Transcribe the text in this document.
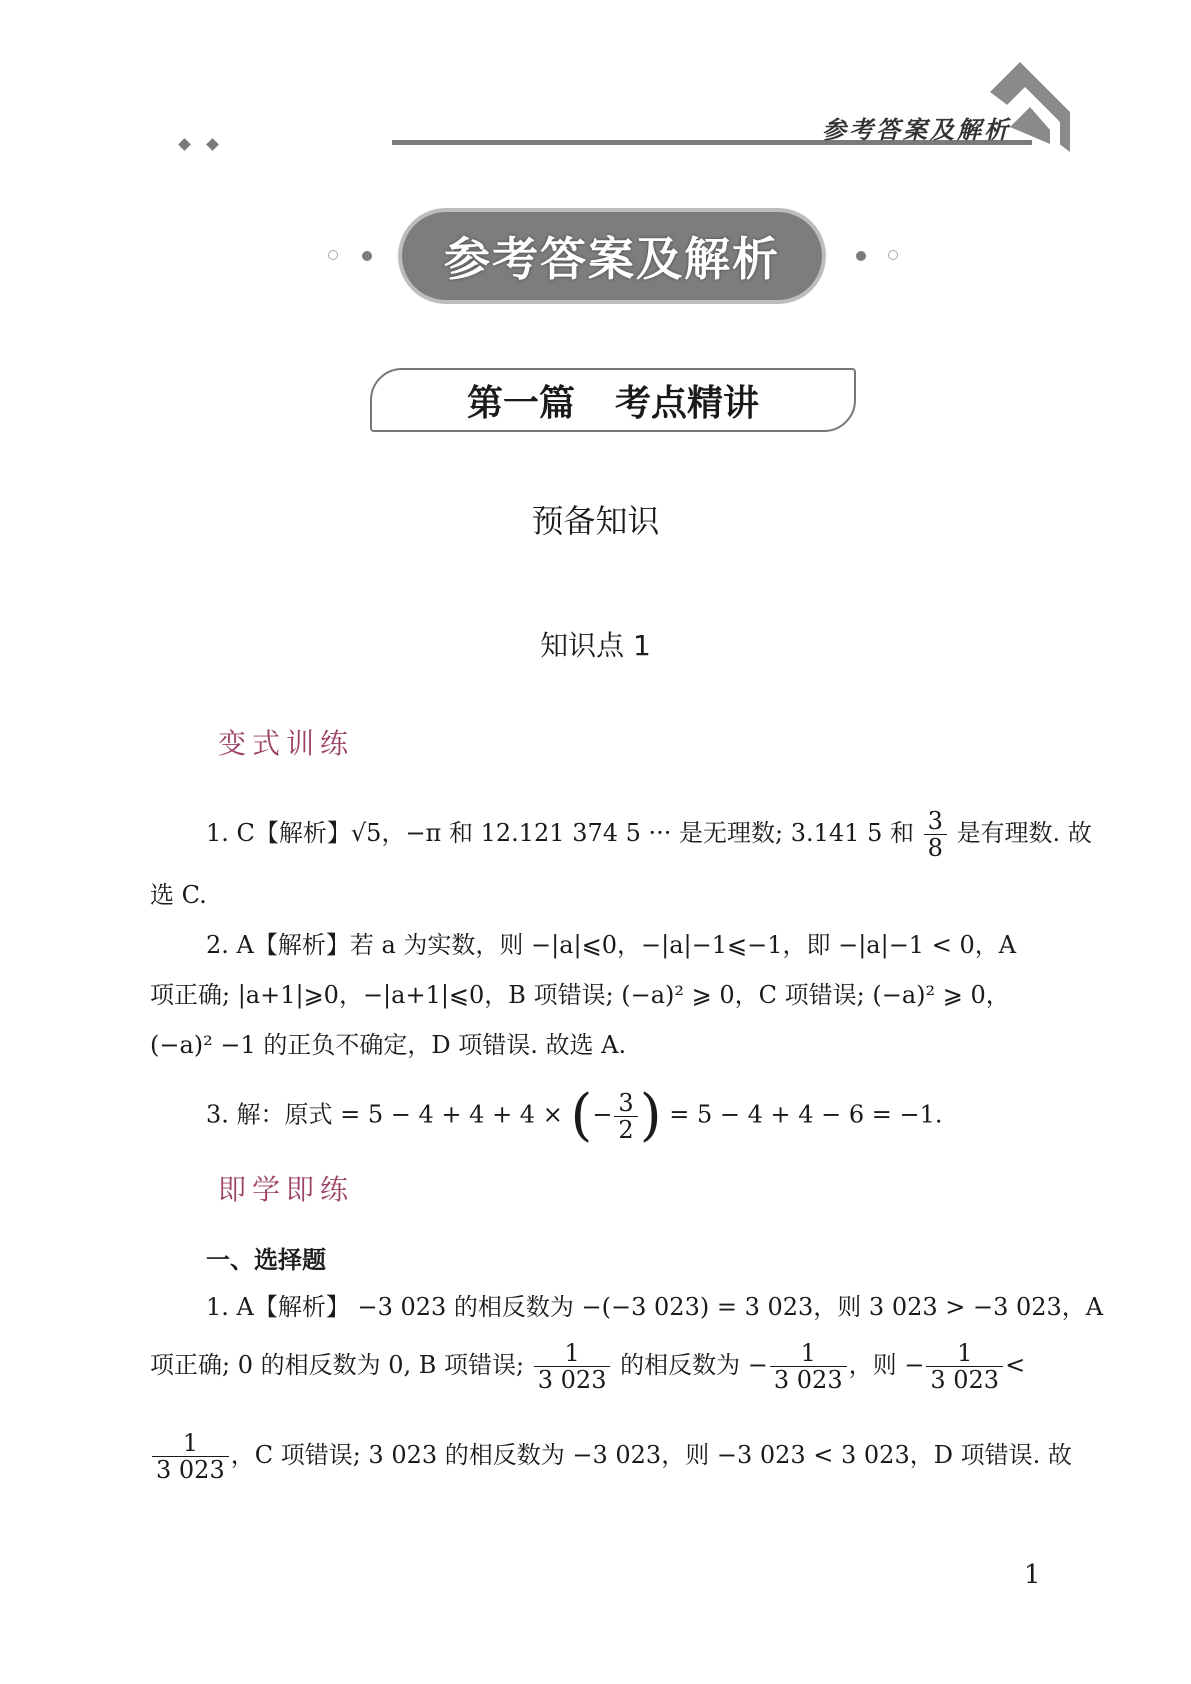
参考答案及解析
参考答案及解析
第一篇 考点精讲
预备知识
知识点 1
变式训练
1. C【解析】√5，−π 和 12.121 374 5 ··· 是无理数; 3.141 5 和 $\frac{3}{8}$ 是有理数. 故
选 C.
2. A【解析】若 a 为实数，则 −|a|⩽0，−|a|−1⩽−1，即 −|a|−1 < 0，A
项正确; |a+1|⩾0，−|a+1|⩽0，B 项错误; (−a)² ⩾ 0，C 项错误; (−a)² ⩾ 0，
(−a)² −1 的正负不确定，D 项错误. 故选 A.
3. 解：原式 = 5 − 4 + 4 + 4 × (− $\frac{3}{2}$ ) = 5 − 4 + 4 − 6 = −1.
即学即练
一、选择题
1. A【解析】 −3 023 的相反数为 −(−3 023) = 3 023，则 3 023 > −3 023，A
项正确; 0 的相反数为 0, B 项错误; $\frac{1}{3 023}$ 的相反数为 − $\frac{1}{3 023}$ ，则 − $\frac{1}{3 023}$ <
$\frac{1}{3 023}$ ，C 项错误; 3 023 的相反数为 −3 023，则 −3 023 < 3 023，D 项错误. 故
1
